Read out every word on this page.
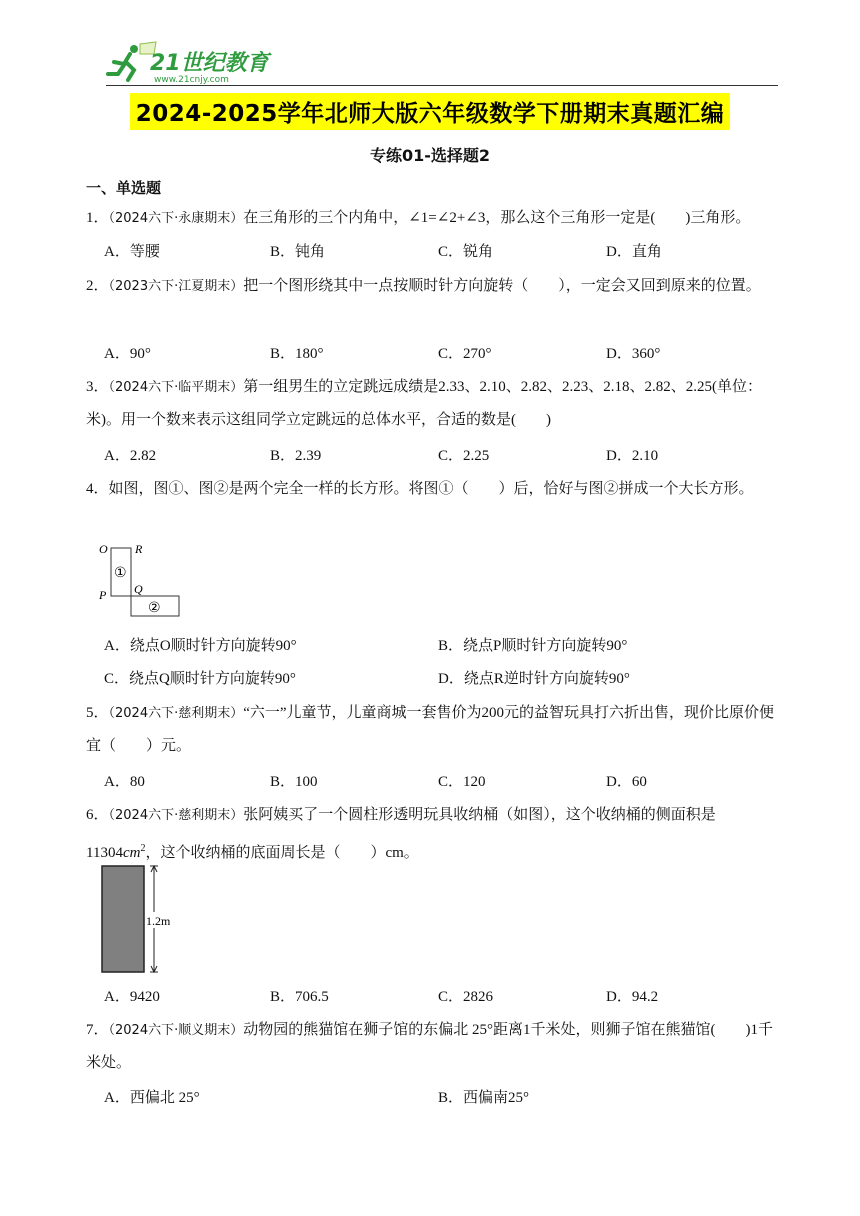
21世纪教育
www.21cnjy.com
2024-2025学年北师大版六年级数学下册期末真题汇编
专练01-选择题2
一、单选题
1．（2024六下·永康期末）在三角形的三个内角中，∠1=∠2+∠3，那么这个三角形一定是(　　)三角形。
A．等腰	B．钝角	C．锐角	D．直角
2．（2023六下·江夏期末）把一个图形绕其中一点按顺时针方向旋转（　　），一定会又回到原来的位置。
A．90°	B．180°	C．270°	D．360°
3．（2024六下·临平期末）第一组男生的立定跳远成绩是2.33、2.10、2.82、2.23、2.18、2.82、2.25(单位：米)。用一个数来表示这组同学立定跳远的总体水平，合适的数是(　　)
A．2.82	B．2.39	C．2.25	D．2.10
4．如图，图①、图②是两个完全一样的长方形。将图①（　　）后，恰好与图②拼成一个大长方形。
O R
P Q
①
②
A．绕点O顺时针方向旋转90°	B．绕点P顺时针方向旋转90°
C．绕点Q顺时针方向旋转90°	D．绕点R逆时针方向旋转90°
5．（2024六下·慈利期末）“六一”儿童节，儿童商城一套售价为200元的益智玩具打六折出售，现价比原价便宜（　　）元。
A．80	B．100	C．120	D．60
6．（2024六下·慈利期末）张阿姨买了一个圆柱形透明玩具收纳桶（如图），这个收纳桶的侧面积是
$11304cm^2$，这个收纳桶的底面周长是（　　）cm。
1.2m
A．9420	B．706.5	C．2826	D．94.2
7．（2024六下·顺义期末）动物园的熊猫馆在狮子馆的东偏北 25°距离1千米处，则狮子馆在熊猫馆(　　)1千米处。
A．西偏北 25°	B．西偏南25°
